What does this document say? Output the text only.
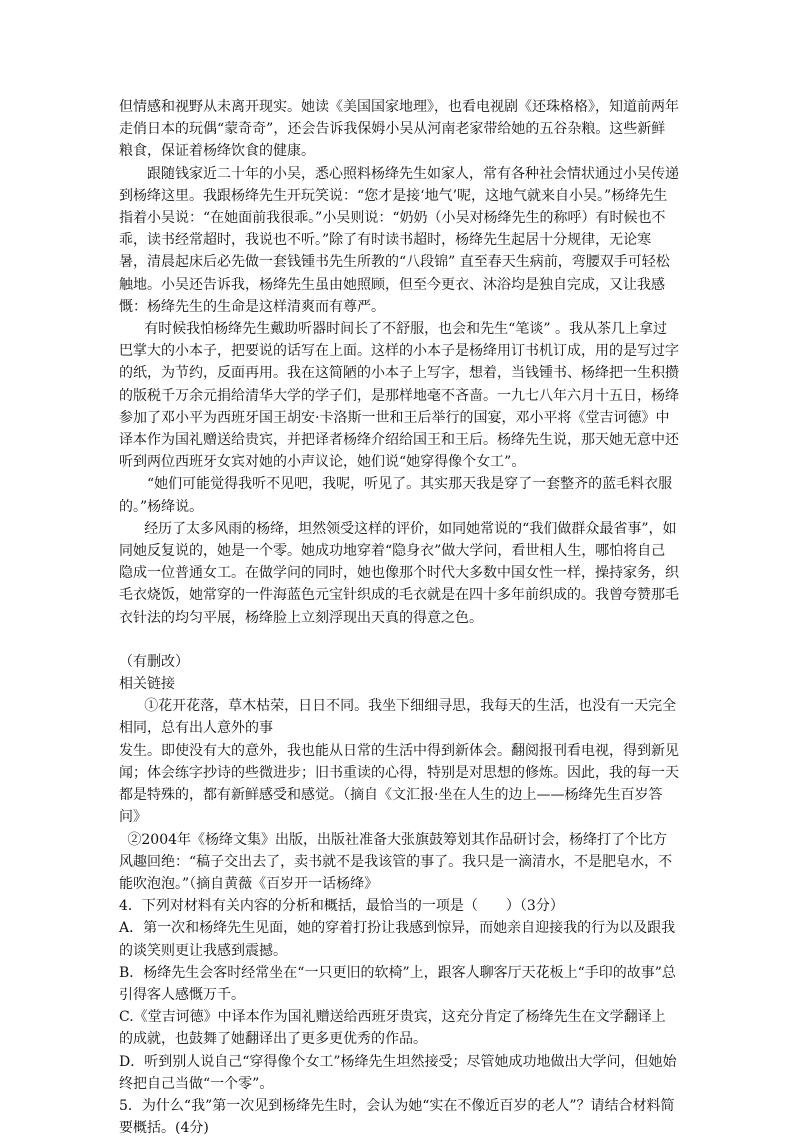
但情感和视野从未离开现实。她读《美国国家地理》，也看电视剧《还珠格格》，知道前两年走俏日本的玩偶“蒙奇奇”，还会告诉我保姆小吴从河南老家带给她的五谷杂粮。这些新鲜粮食，保证着杨绛饮食的健康。

跟随钱家近二十年的小吴，悉心照料杨绛先生如家人，常有各种社会情状通过小吴传递到杨绛这里。我跟杨绛先生开玩笑说：“您才是接‘地气’呢，这地气就来自小吴。”杨绛先生指着小吴说：“在她面前我很乖。”小吴则说：“奶奶（小吴对杨绛先生的称呼）有时候也不乖，读书经常超时，我说也不听。”除了有时读书超时，杨绛先生起居十分规律，无论寒暑，清晨起床后必先做一套钱锺书先生所教的“八段锦” 直至春天生病前，弯腰双手可轻松触地。小吴还告诉我，杨绛先生虽由她照顾，但至今更衣、沐浴均是独自完成，又让我感慨：杨绛先生的生命是这样清爽而有尊严。

有时候我怕杨绛先生戴助听器时间长了不舒服，也会和先生“笔谈” 。我从茶几上拿过巴掌大的小本子，把要说的话写在上面。这样的小本子是杨绛用订书机订成，用的是写过字的纸，为节约，反面再用。我在这简陋的小本子上写字，想着，当钱锺书、杨绛把一生积攒的版税千万余元捐给清华大学的学子们，是那样地毫不吝啬。一九七八年六月十五日，杨绛参加了邓小平为西班牙国王胡安·卡洛斯一世和王后举行的国宴，邓小平将《堂吉诃德》中译本作为国礼赠送给贵宾，并把译者杨绛介绍给国王和王后。杨绛先生说，那天她无意中还听到两位西班牙女宾对她的小声议论，她们说“她穿得像个女工”。

“她们可能觉得我听不见吧，我呢，听见了。其实那天我是穿了一套整齐的蓝毛料衣服的。”杨绛说。

经历了太多风雨的杨绛，坦然领受这样的评价，如同她常说的“我们做群众最省事”，如同她反复说的，她是一个零。她成功地穿着“隐身衣”做大学问，看世相人生，哪怕将自己隐成一位普通女工。在做学问的同时，她也像那个时代大多数中国女性一样，操持家务，织毛衣烧饭，她常穿的一件海蓝色元宝针织成的毛衣就是在四十多年前织成的。我曾夸赞那毛衣针法的均匀平展，杨绛脸上立刻浮现出天真的得意之色。

（有删改）

相关链接

①花开花落，草木枯荣，日日不同。我坐下细细寻思，我每天的生活，也没有一天完全相同，总有出人意外的事

发生。即使没有大的意外，我也能从日常的生活中得到新体会。翻阅报刊看电视，得到新见闻；体会练字抄诗的些微进步；旧书重读的心得，特别是对思想的修炼。因此，我的每一天都是特殊的，都有新鲜感受和感觉。（摘自《文汇报·坐在人生的边上——杨绛先生百岁答问》

②2004年《杨绛文集》出版，出版社准备大张旗鼓筹划其作品研讨会，杨绛打了个比方风趣回绝：“稿子交出去了，卖书就不是我该管的事了。我只是一滴清水，不是肥皂水，不能吹泡泡。”（摘自黄薇《百岁开一话杨绛》

4．下列对材料有关内容的分析和概括，最恰当的一项是（　　）（3分）

A．第一次和杨绛先生见面，她的穿着打扮让我感到惊异，而她亲自迎接我的行为以及跟我的谈笑则更让我感到震撼。

B．杨绛先生会客时经常坐在“一只更旧的软椅”上，跟客人聊客厅天花板上“手印的故事”总引得客人感慨万千。

C.《堂吉诃德》中译本作为国礼赠送给西班牙贵宾，这充分肯定了杨绛先生在文学翻译上的成就，也鼓舞了她翻译出了更多更优秀的作品。

D．听到别人说自己“穿得像个女工”杨绛先生坦然接受；尽管她成功地做出大学问，但她始终把自己当做“一个零”。

5．为什么“我”第一次见到杨绛先生时，会认为她“实在不像近百岁的老人”？请结合材料简要概括。(4分)
